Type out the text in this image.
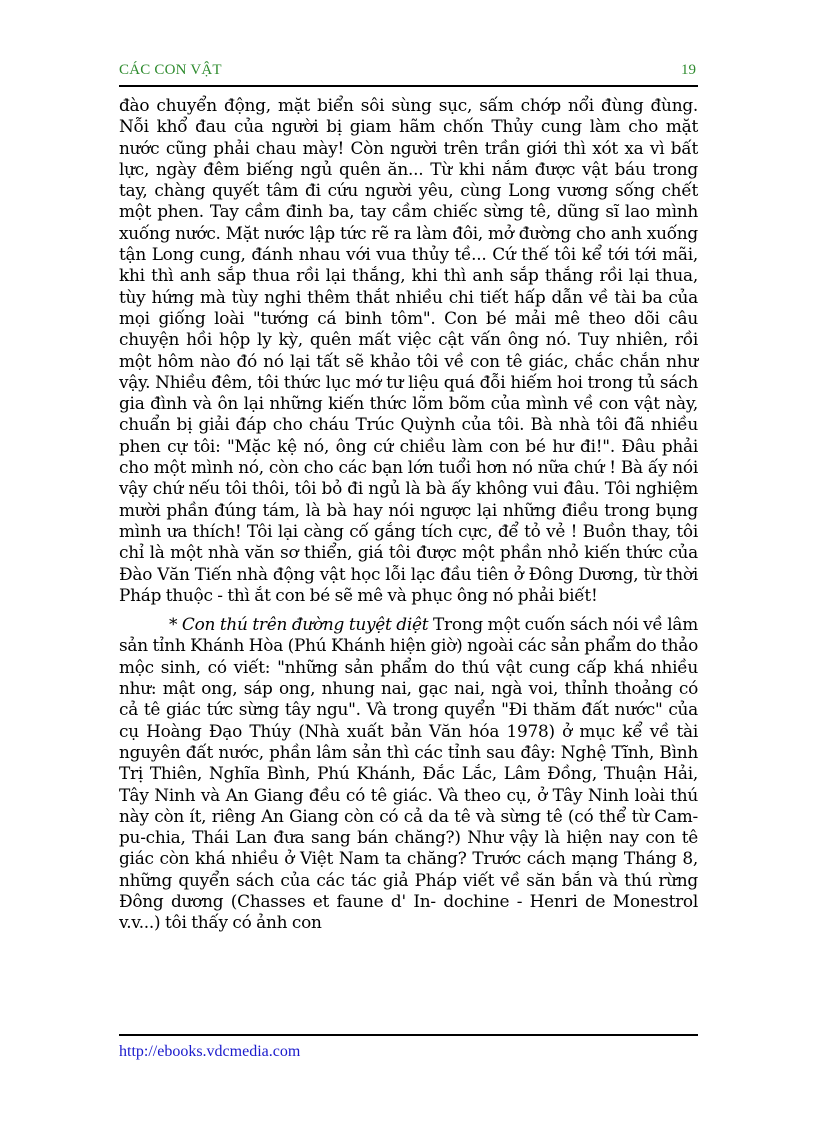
CÁC CON VẬT	19

đào chuyển động, mặt biển sôi sùng sục, sấm chớp nổi đùng đùng. Nỗi khổ đau của người bị giam hãm chốn Thủy cung làm cho mặt nước cũng phải chau mày! Còn người trên trần giới thì xót xa vì bất lực, ngày đêm biếng ngủ quên ăn... Từ khi nắm được vật báu trong tay, chàng quyết tâm đi cứu người yêu, cùng Long vương sống chết một phen. Tay cầm đinh ba, tay cầm chiếc sừng tê, dũng sĩ lao mình xuống nước. Mặt nước lập tức rẽ ra làm đôi, mở đường cho anh xuống tận Long cung, đánh nhau với vua thủy tề... Cứ thế tôi kể tới tới mãi, khi thì anh sắp thua rồi lại thắng, khi thì anh sắp thắng rồi lại thua, tùy hứng mà tùy nghi thêm thắt nhiều chi tiết hấp dẫn về tài ba của mọi giống loài "tướng cá binh tôm". Con bé mải mê theo dõi câu chuyện hồi hộp ly kỳ, quên mất việc cật vấn ông nó. Tuy nhiên, rồi một hôm nào đó nó lại tất sẽ khảo tôi về con tê giác, chắc chắn như vậy. Nhiều đêm, tôi thức lục mớ tư liệu quá đỗi hiếm hoi trong tủ sách gia đình và ôn lại những kiến thức lõm bõm của mình về con vật này, chuẩn bị giải đáp cho cháu Trúc Quỳnh của tôi. Bà nhà tôi đã nhiều phen cự tôi: "Mặc kệ nó, ông cứ chiều làm con bé hư đi!". Đâu phải cho một mình nó, còn cho các bạn lớn tuổi hơn nó nữa chứ ! Bà ấy nói vậy chứ nếu tôi thôi, tôi bỏ đi ngủ là bà ấy không vui đâu. Tôi nghiệm mười phần đúng tám, là bà hay nói ngược lại những điều trong bụng mình ưa thích! Tôi lại càng cố gắng tích cực, để tỏ vẻ ! Buồn thay, tôi chỉ là một nhà văn sơ thiển, giá tôi được một phần nhỏ kiến thức của Đào Văn Tiến nhà động vật học lỗi lạc đầu tiên ở Đông Dương, từ thời Pháp thuộc - thì ắt con bé sẽ mê và phục ông nó phải biết!

* Con thú trên đường tuyệt diệt Trong một cuốn sách nói về lâm sản tỉnh Khánh Hòa (Phú Khánh hiện giờ) ngoài các sản phẩm do thảo mộc sinh, có viết: "những sản phẩm do thú vật cung cấp khá nhiều như: mật ong, sáp ong, nhung nai, gạc nai, ngà voi, thỉnh thoảng có cả tê giác tức sừng tây ngu". Và trong quyển "Đi thăm đất nước" của cụ Hoàng Đạo Thúy (Nhà xuất bản Văn hóa 1978) ở mục kể về tài nguyên đất nước, phần lâm sản thì các tỉnh sau đây: Nghệ Tĩnh, Bình Trị Thiên, Nghĩa Bình, Phú Khánh, Đắc Lắc, Lâm Đồng, Thuận Hải, Tây Ninh và An Giang đều có tê giác. Và theo cụ, ở Tây Ninh loài thú này còn ít, riêng An Giang còn có cả da tê và sừng tê (có thể từ Cam-pu-chia, Thái Lan đưa sang bán chăng?) Như vậy là hiện nay con tê giác còn khá nhiều ở Việt Nam ta chăng? Trước cách mạng Tháng 8, những quyển sách của các tác giả Pháp viết về săn bắn và thú rừng Đông dương (Chasses et faune d' In- dochine - Henri de Monestrol v.v...) tôi thấy có ảnh con

http://ebooks.vdcmedia.com
